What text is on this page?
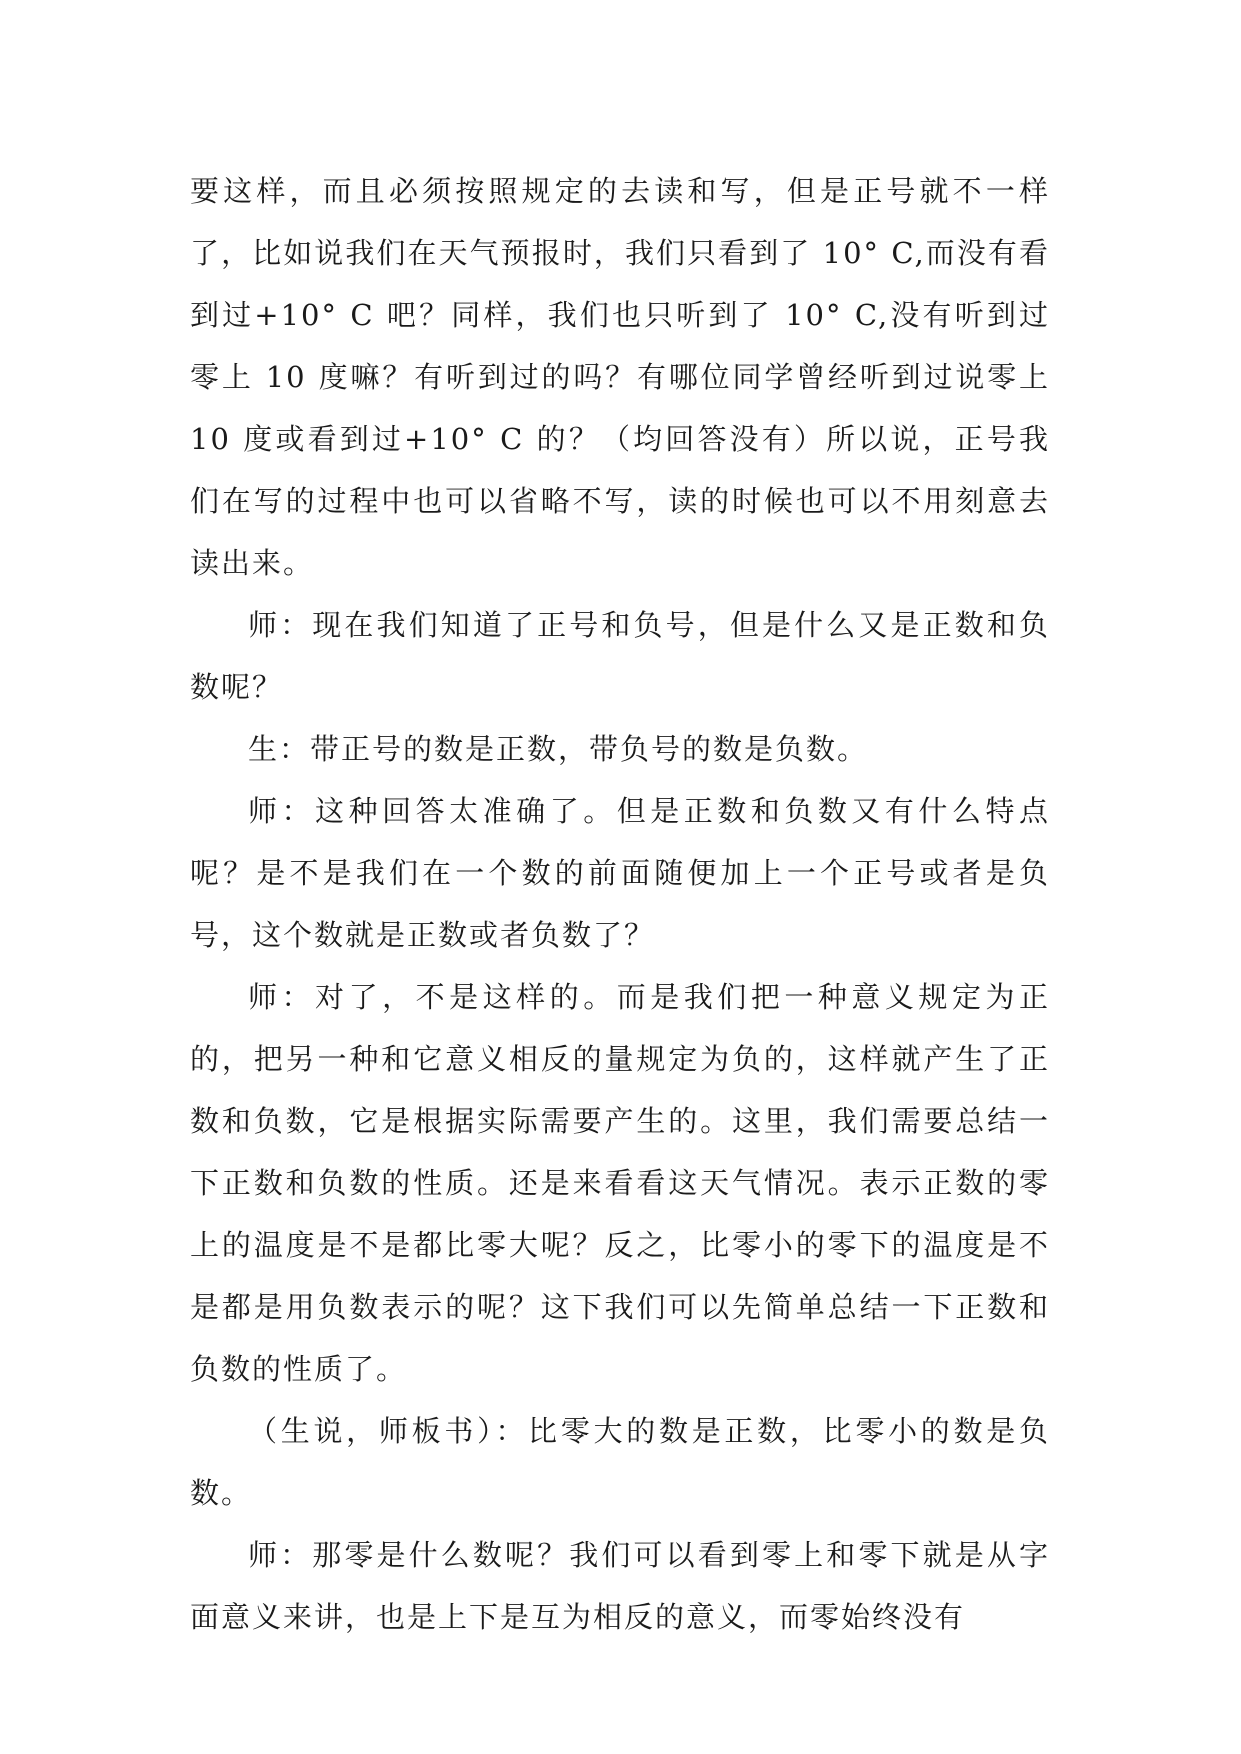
要这样，而且必须按照规定的去读和写，但是正号就不一样了，比如说我们在天气预报时，我们只看到了 10° C,而没有看到过+10° C 吧？同样，我们也只听到了 10° C,没有听到过零上 10 度嘛？有听到过的吗？有哪位同学曾经听到过说零上 10 度或看到过+10° C 的？（均回答没有）所以说，正号我们在写的过程中也可以省略不写，读的时候也可以不用刻意去读出来。

师：现在我们知道了正号和负号，但是什么又是正数和负数呢？

生：带正号的数是正数，带负号的数是负数。

师：这种回答太准确了。但是正数和负数又有什么特点呢？是不是我们在一个数的前面随便加上一个正号或者是负号，这个数就是正数或者负数了？

师：对了，不是这样的。而是我们把一种意义规定为正的，把另一种和它意义相反的量规定为负的，这样就产生了正数和负数，它是根据实际需要产生的。这里，我们需要总结一下正数和负数的性质。还是来看看这天气情况。表示正数的零上的温度是不是都比零大呢？反之，比零小的零下的温度是不是都是用负数表示的呢？这下我们可以先简单总结一下正数和负数的性质了。

（生说，师板书）：比零大的数是正数，比零小的数是负数。

师：那零是什么数呢？我们可以看到零上和零下就是从字面意义来讲，也是上下是互为相反的意义，而零始终没有
